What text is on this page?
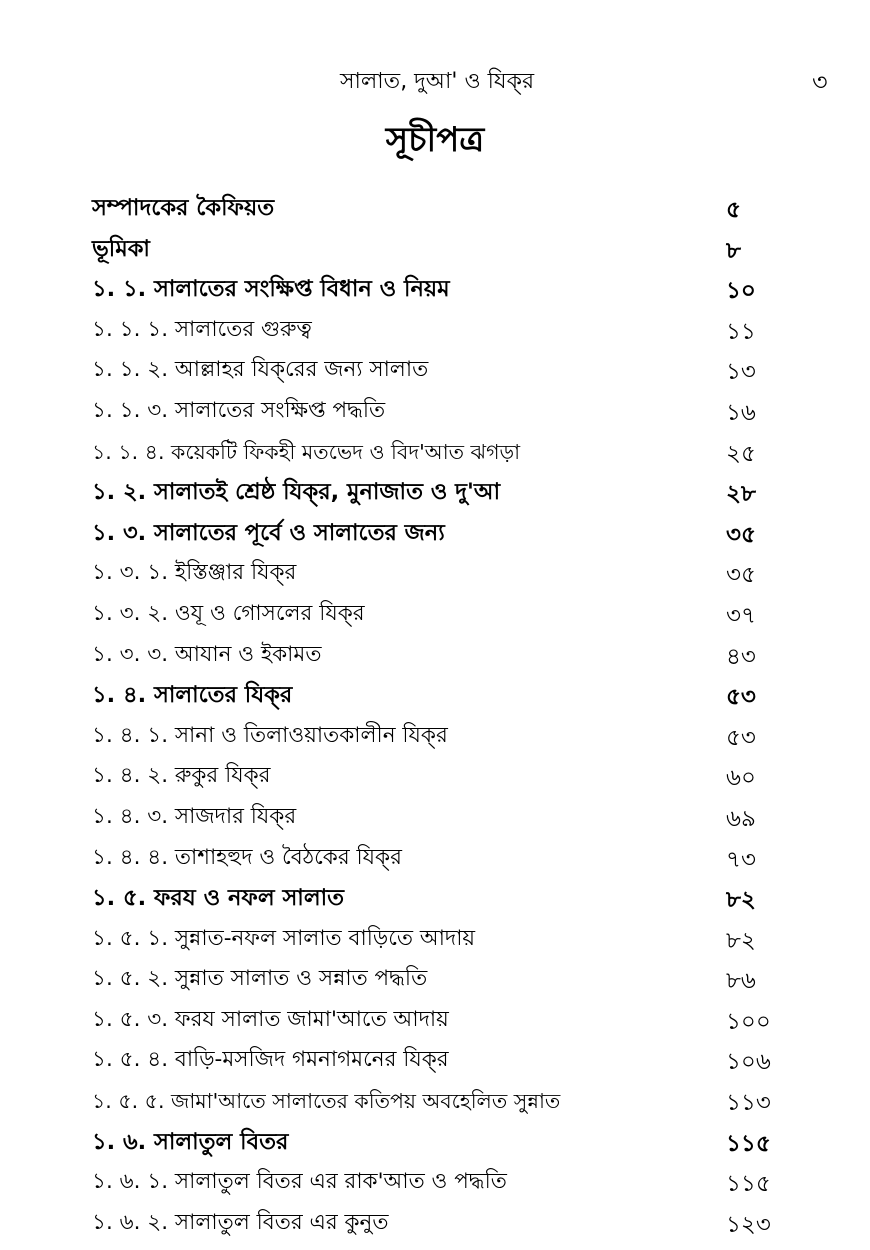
সালাত, দুআ' ও যিক্‌র	৩
সূচীপত্র
সম্পাদকের কৈফিয়ত	৫
ভূমিকা	৮
১. ১. সালাতের সংক্ষিপ্ত বিধান ও নিয়ম	১০
১. ১. ১. সালাতের গুরুত্ব	১১
১. ১. ২. আল্লাহর যিক্‌রের জন্য সালাত	১৩
১. ১. ৩. সালাতের সংক্ষিপ্ত পদ্ধতি	১৬
১. ১. ৪. কয়েকটি ফিকহী মতভেদ ও বিদ'আত ঝগড়া	২৫
১. ২. সালাতই শ্রেষ্ঠ যিক্‌র, মুনাজাত ও দু'আ	২৮
১. ৩. সালাতের পূর্বে ও সালাতের জন্য	৩৫
১. ৩. ১. ইস্তিঞ্জার যিক্‌র	৩৫
১. ৩. ২. ওযূ ও গোসলের যিক্‌র	৩৭
১. ৩. ৩. আযান ও ইকামত	৪৩
১. ৪. সালাতের যিক্‌র	৫৩
১. ৪. ১. সানা ও তিলাওয়াতকালীন যিক্‌র	৫৩
১. ৪. ২. রুকুর যিক্‌র	৬০
১. ৪. ৩. সাজদার যিক্‌র	৬৯
১. ৪. ৪. তাশাহহুদ ও বৈঠকের যিক্‌র	৭৩
১. ৫. ফরয ও নফল সালাত	৮২
১. ৫. ১. সুন্নাত-নফল সালাত বাড়িতে আদায়	৮২
১. ৫. ২. সুন্নাত সালাত ও সন্নাত পদ্ধতি	৮৬
১. ৫. ৩. ফরয সালাত জামা'আতে আদায়	১০০
১. ৫. ৪. বাড়ি-মসজিদ গমনাগমনের যিক্‌র	১০৬
১. ৫. ৫. জামা'আতে সালাতের কতিপয় অবহেলিত সুন্নাত	১১৩
১. ৬. সালাতুল বিতর	১১৫
১. ৬. ১. সালাতুল বিতর এর রাক'আত ও পদ্ধতি	১১৫
১. ৬. ২. সালাতুল বিতর এর কুনুত	১২৩
